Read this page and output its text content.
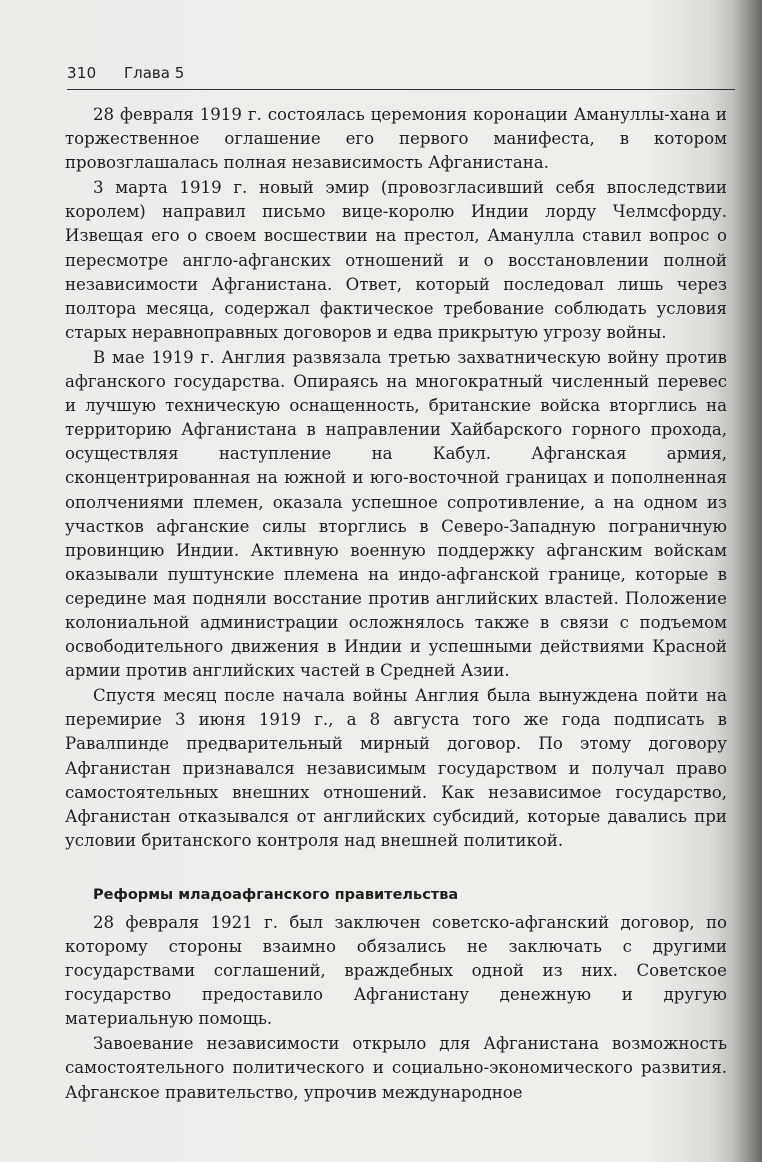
310 Глава 5

28 февраля 1919 г. состоялась церемония коронации Амануллы-хана и торжественное оглашение его первого манифеста, в котором провозглашалась полная независимость Афганистана.

3 марта 1919 г. новый эмир (провозгласивший себя впоследствии королем) направил письмо вице-королю Индии лорду Челмсфорду. Извещая его о своем восшествии на престол, Аманулла ставил вопрос о пересмотре англо-афганских отношений и о восстановлении полной независимости Афганистана. Ответ, который последовал лишь через полтора месяца, содержал фактическое требование соблюдать условия старых неравноправных договоров и едва прикрытую угрозу войны.

В мае 1919 г. Англия развязала третью захватническую войну против афганского государства. Опираясь на многократный численный перевес и лучшую техническую оснащенность, британские войска вторглись на территорию Афганистана в направлении Хайбарского горного прохода, осуществляя наступление на Кабул. Афганская армия, сконцентрированная на южной и юго-восточной границах и пополненная ополчениями племен, оказала успешное сопротивление, а на одном из участков афганские силы вторглись в Северо-Западную пограничную провинцию Индии. Активную военную поддержку афганским войскам оказывали пуштунские племена на индо-афганской границе, которые в середине мая подняли восстание против английских властей. Положение колониальной администрации осложнялось также в связи с подъемом освободительного движения в Индии и успешными действиями Красной армии против английских частей в Средней Азии.

Спустя месяц после начала войны Англия была вынуждена пойти на перемирие 3 июня 1919 г., а 8 августа того же года подписать в Равалпинде предварительный мирный договор. По этому договору Афганистан признавался независимым государством и получал право самостоятельных внешних отношений. Как независимое государство, Афганистан отказывался от английских субсидий, которые давались при условии британского контроля над внешней политикой.

Реформы младоафганского правительства

28 февраля 1921 г. был заключен советско-афганский договор, по которому стороны взаимно обязались не заключать с другими государствами соглашений, враждебных одной из них. Советское государство предоставило Афганистану денежную и другую материальную помощь.

Завоевание независимости открыло для Афганистана возможность самостоятельного политического и социально-экономического развития. Афганское правительство, упрочив международное
